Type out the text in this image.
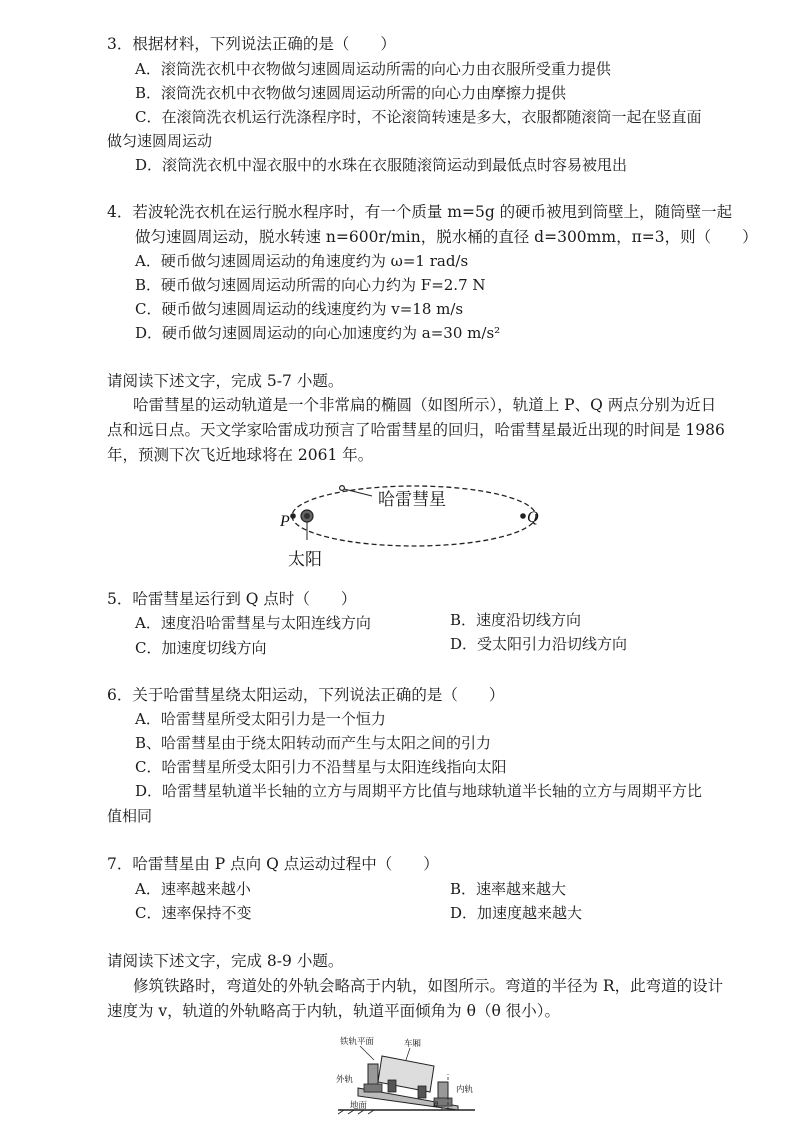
3．根据材料，下列说法正确的是（　　）
A．滚筒洗衣机中衣物做匀速圆周运动所需的向心力由衣服所受重力提供
B．滚筒洗衣机中衣物做匀速圆周运动所需的向心力由摩擦力提供
C．在滚筒洗衣机运行洗涤程序时，不论滚筒转速是多大，衣服都随滚筒一起在竖直面
做匀速圆周运动
D．滚筒洗衣机中湿衣服中的水珠在衣服随滚筒运动到最低点时容易被甩出
4．若波轮洗衣机在运行脱水程序时，有一个质量 m=5g 的硬币被甩到筒壁上，随筒壁一起
做匀速圆周运动，脱水转速 n=600r/min，脱水桶的直径 d=300mm，π=3，则（　　）
A．硬币做匀速圆周运动的角速度约为 ω=1 rad/s
B．硬币做匀速圆周运动所需的向心力约为 F=2.7 N
C．硬币做匀速圆周运动的线速度约为 v=18 m/s
D．硬币做匀速圆周运动的向心加速度约为 a=30 m/s²
请阅读下述文字，完成 5-7 小题。
哈雷彗星的运动轨道是一个非常扁的椭圆（如图所示），轨道上 P、Q 两点分别为近日
点和远日点。天文学家哈雷成功预言了哈雷彗星的回归，哈雷彗星最近出现的时间是 1986
年，预测下次飞近地球将在 2061 年。
哈雷彗星
P	Q
太阳
5．哈雷彗星运行到 Q 点时（　　）
A．速度沿哈雷彗星与太阳连线方向	B．速度沿切线方向
C．加速度切线方向	D．受太阳引力沿切线方向
6．关于哈雷彗星绕太阳运动，下列说法正确的是（　　）
A．哈雷彗星所受太阳引力是一个恒力
B、哈雷彗星由于绕太阳转动而产生与太阳之间的引力
C．哈雷彗星所受太阳引力不沿彗星与太阳连线指向太阳
D．哈雷彗星轨道半长轴的立方与周期平方比值与地球轨道半长轴的立方与周期平方比
值相同
7．哈雷彗星由 P 点向 Q 点运动过程中（　　）
A．速率越来越小	B．速率越来越大
C．速率保持不变	D．加速度越来越大
请阅读下述文字，完成 8-9 小题。
修筑铁路时，弯道处的外轨会略高于内轨，如图所示。弯道的半径为 R，此弯道的设计
速度为 v，轨道的外轨略高于内轨，轨道平面倾角为 θ（θ 很小）。
铁轨平面	车厢
外轨
内轨
地面	θ
